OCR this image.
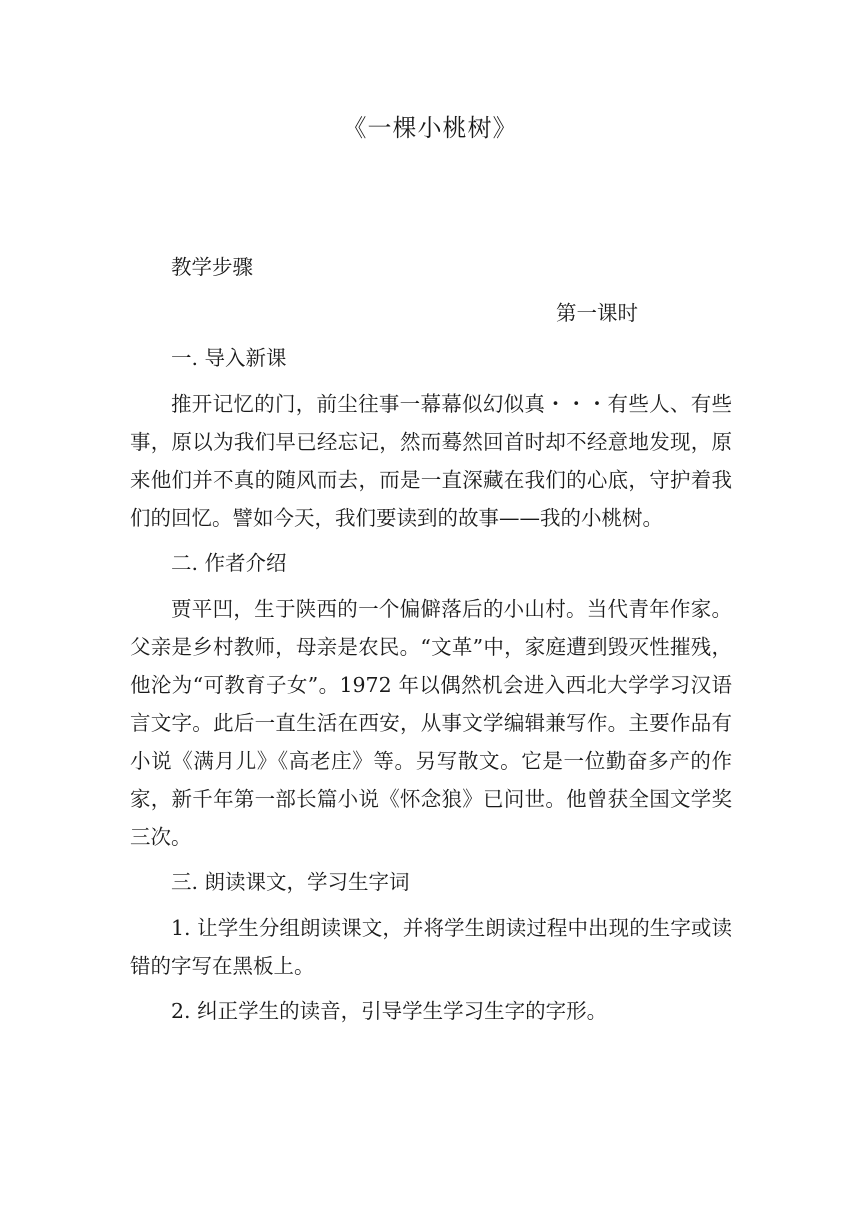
《一棵小桃树》
教学步骤
第一课时
一. 导入新课

推开记忆的门，前尘往事一幕幕似幻似真・・・有些人、有些事，原以为我们早已经忘记，然而蓦然回首时却不经意地发现，原来他们并不真的随风而去，而是一直深藏在我们的心底，守护着我们的回忆。譬如今天，我们要读到的故事——我的小桃树。

二. 作者介绍

贾平凹，生于陕西的一个偏僻落后的小山村。当代青年作家。父亲是乡村教师，母亲是农民。“文革”中，家庭遭到毁灭性摧残，他沦为“可教育子女”。1972 年以偶然机会进入西北大学学习汉语言文字。此后一直生活在西安，从事文学编辑兼写作。主要作品有小说《满月儿》《高老庄》等。另写散文。它是一位勤奋多产的作家，新千年第一部长篇小说《怀念狼》已问世。他曾获全国文学奖三次。

三. 朗读课文，学习生字词

1. 让学生分组朗读课文，并将学生朗读过程中出现的生字或读错的字写在黑板上。

2. 纠正学生的读音，引导学生学习生字的字形。
